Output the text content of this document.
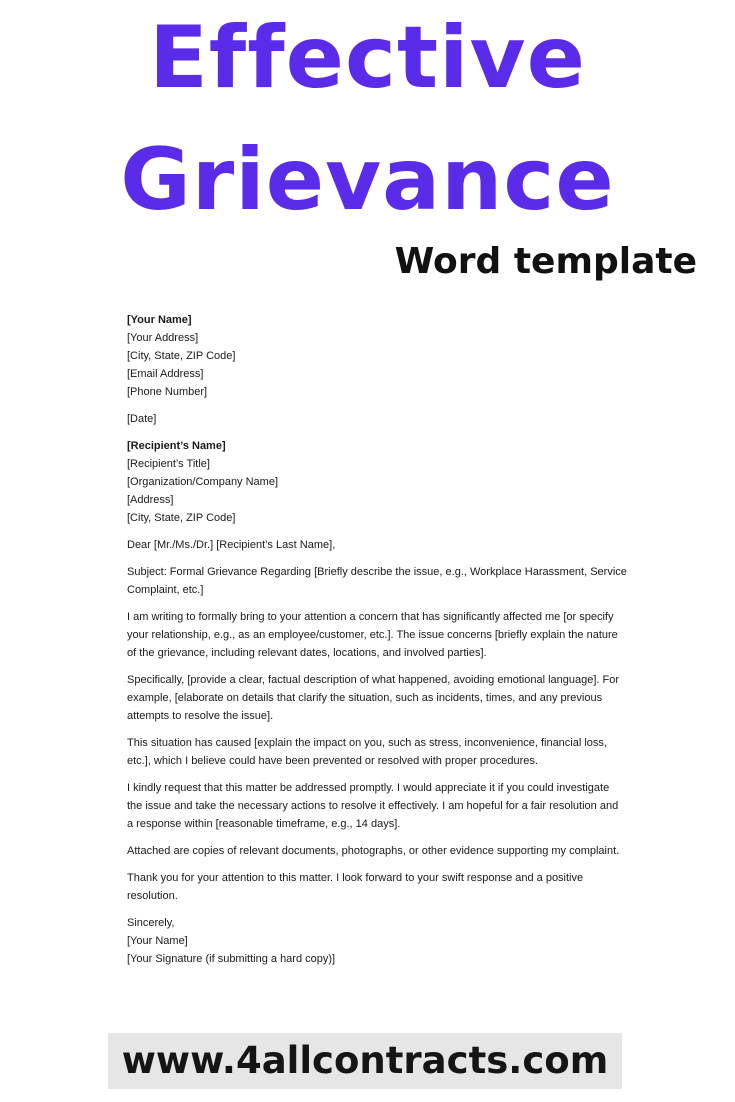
Effective
Grievance
Word template
[Your Name]
[Your Address]
[City, State, ZIP Code]
[Email Address]
[Phone Number]
[Date]
[Recipient’s Name]
[Recipient’s Title]
[Organization/Company Name]
[Address]
[City, State, ZIP Code]

Dear [Mr./Ms./Dr.] [Recipient’s Last Name],

Subject: Formal Grievance Regarding [Briefly describe the issue, e.g., Workplace Harassment, Service Complaint, etc.]

I am writing to formally bring to your attention a concern that has significantly affected me [or specify your relationship, e.g., as an employee/customer, etc.]. The issue concerns [briefly explain the nature of the grievance, including relevant dates, locations, and involved parties].

Specifically, [provide a clear, factual description of what happened, avoiding emotional language]. For example, [elaborate on details that clarify the situation, such as incidents, times, and any previous attempts to resolve the issue].

This situation has caused [explain the impact on you, such as stress, inconvenience, financial loss, etc.], which I believe could have been prevented or resolved with proper procedures.

I kindly request that this matter be addressed promptly. I would appreciate it if you could investigate the issue and take the necessary actions to resolve it effectively. I am hopeful for a fair resolution and a response within [reasonable timeframe, e.g., 14 days].

Attached are copies of relevant documents, photographs, or other evidence supporting my complaint.

Thank you for your attention to this matter. I look forward to your swift response and a positive resolution.

Sincerely,
[Your Name]
[Your Signature (if submitting a hard copy)]
www.4allcontracts.com
